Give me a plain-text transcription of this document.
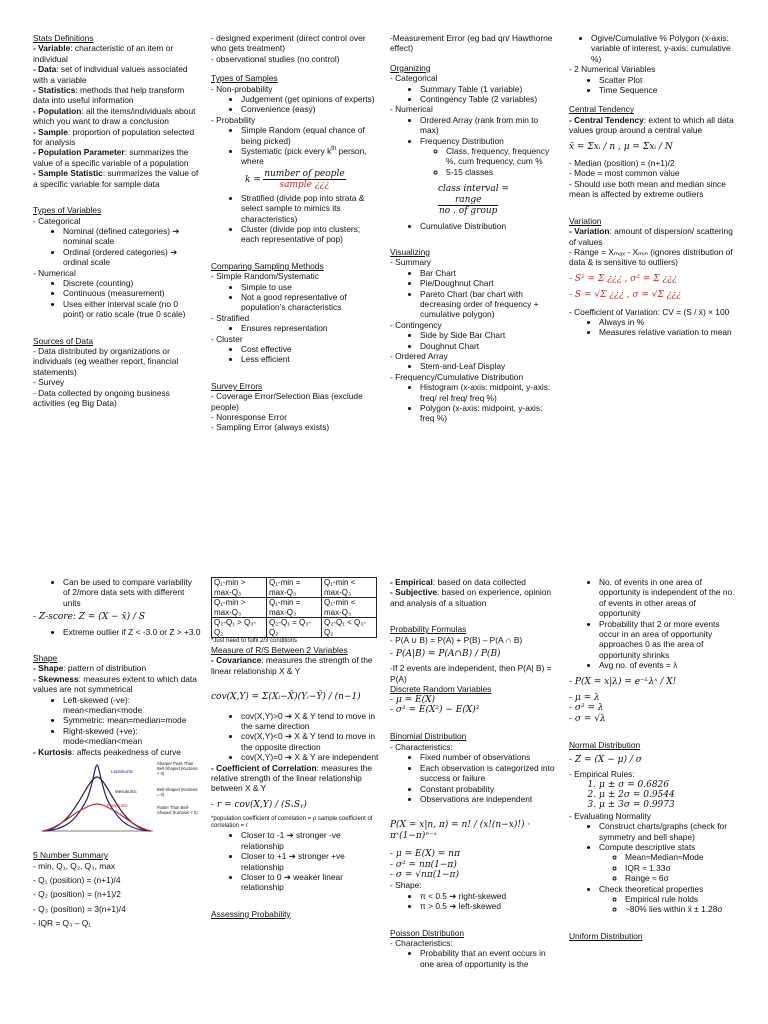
Stats Definitions

- Variable: characteristic of an item or individual

- Data: set of individual values associated with a variable

- Statistics: methods that help transform data into useful information

- Population: all the items/individuals about which you want to draw a conclusion

- Sample: proportion of population selected for analysis

- Population Parameter: summarizes the value of a specific variable of a population

- Sample Statistic: summarizes the value of a specific variable for sample data

Types of Variables

- Categorical

• Nominal (defined categories) ➔ nominal scale
• Ordinal (ordered categories) ➔ ordinal scale

- Numerical

• Discrete (counting)
• Continuous (measurement)
• Uses either interval scale (no 0 point) or ratio scale (true 0 scale)

Sources of Data

- Data distributed by organizations or individuals (eg weather report, financial statements)

- Survey

- Data collected by ongoing business activities (eg Big Data)

- designed experiment (direct control over who gets treatment)

- observational studies (no control)

Types of Samples

- Non-probability

• Judgement (get opinions of experts)
• Convenience (easy)

- Probability

• Simple Random (equal chance of being picked)
• Systematic (pick every $k^{th}$ person, where
$k = \frac{\text{number of people}}{\text{sample ¿¿¿}}$
• Stratified (divide pop into strata & select sample to mimics its characteristics)
• Cluster (divide pop into clusters; each representative of pop)

Comparing Sampling Methods

- Simple Random/Systematic

• Simple to use
• Not a good representative of population’s characteristics

- Stratified

• Ensures representation

- Cluster

• Cost effective
• Less efficient

Survey Errors

- Coverage Error/Selection Bias (exclude people)

- Nonresponse Error

- Sampling Error (always exists)

-Measurement Error (eg bad qn/ Hawthorne effect)

Organizing

- Categorical

• Summary Table (1 variable)
• Contingency Table (2 variables)

- Numerical

• Ordered Array (rank from min to max)
• Frequency Distribution
◦ Class, frequency, frequency %, cum frequency, cum %
◦ 5-15 classes
class interval =
$\frac{\text{range}}{\text{no . of group}}$
• Cumulative Distribution

Visualizing

- Summary

• Bar Chart
• Pie/Doughnut Chart
• Pareto Chart (bar chart with decreasing order of frequency + cumulative polygon)

- Contingency

• Side by Side Bar Chart
• Doughnut Chart

- Ordered Array

• Stem-and-Leaf Display

- Frequency/Cumulative Distribution

• Histogram (x-axis: midpoint, y-axis: freq/ rel freq/ freq %)
• Polygon (x-axis: midpoint, y-axis: freq %)
• Ogive/Cumulative % Polygon (x-axis: variable of interest, y-axis: cumulative %)

- 2 Numerical Variables

• Scatter Plot
• Time Sequence

Central Tendency

- Central Tendency: extent to which all data values group around a central value

x̄ = Σxᵢ / n , μ = Σxᵢ / N

- Median (position) = (n+1)/2

- Mode = most common value

- Should use both mean and median since mean is affected by extreme outliers

Variation

- Variation: amount of dispersion/ scattering of values

- Range = Xₘₐₓ - Xₘᵢₙ (ignores distribution of data & is sensitive to outliers)

- S² = Σ ¿¿¿ , σ² = Σ ¿¿¿

- S = √Σ ¿¿¿ , σ = √Σ ¿¿¿

- Coefficient of Variation: CV = (S / x̄) × 100

• Always in %
• Measures relative variation to mean
• Can be used to compare variability of 2/more data sets with different units

- Z-score: Z = (X − x̄) / S

• Extreme outlier if Z < -3.0 or Z > +3.0

Shape

- Shape: pattern of distribution

- Skewness: measures extent to which data values are not symmetrical

• Left-skewed (-ve): mean<median<mode
• Symmetric: mean=median=mode
• Right-skewed (+ve): mode<median<mean

- Kurtosis: affects peakedness of curve

Leptokurtic
Mesokurtic
Platykurtic
Sharper Peak Than Bell-Shaped (Kurtosis > 0)
Bell-Shaped (Kurtosis = 0)
Flatter Than Bell-Shaped (Kurtosis < 0)

5 Number Summary

- min, Q₁, Q₂, Q₃, max

- Q₁ (position) = (n+1)/4

- Q₂ (position) = (n+1)/2

- Q₃ (position) = 3(n+1)/4

- IQR = Q₃ – Q₁

Q₁-min > max-Q₃	Q₁-min = max-Q₃	Q₁-min < max-Q₃
Q₁-min > max-Q₃	Q₁-min = max-Q₃	Q₁-min < max-Q₃
Q₂-Q₁ > Q₃-Q₂	Q₂-Q₁ = Q₃-Q₂	Q₂-Q₁ < Q₃-Q₂

*Just need to fulfil 2/3 conditions

Measure of R/S Between 2 Variables

- Covariance: measures the strength of the linear relationship X & Y

cov(X,Y) = Σ(Xᵢ−X̄)(Yᵢ−Ȳ) / (n−1)

• cov(X,Y)>0 ➔ X & Y tend to move in the same direction
• cov(X,Y)<0 ➔ X & Y tend to move in the opposite direction
• cov(X,Y)=0 ➔ X & Y are independent

- Coefficient of Correlation: measures the relative strength of the linear relationship between X & Y

- r = cov(X,Y) / (SₓSᵧ)

*population coefficient of correlation = ρ sample coefficient of correlation = r

• Closer to -1 ➔ stronger -ve relationship
• Closer to +1 ➔ stronger +ve relationship
• Closer to 0 ➔ weaker linear relationship

Assessing Probability

- Empirical: based on data collected

- Subjective: based on experience, opinion and analysis of a situation

Probability Formulas

- P(A ∪ B) = P(A) + P(B) – P(A ∩ B)

- P(A|B) = P(A∩B) / P(B)

-If 2 events are independent, then P(A| B) = P(A)

Discrete Random Variables

- μ = E(X)

- σ² = E(X²) − E(X)²

Binomial Distribution

- Characteristics:

• Fixed number of observations
• Each observation is categorized into success or failure
• Constant probability
• Observations are independent

P(X = x|n, π) = n! / (x!(n−x)!) · πˣ(1−π)ⁿ⁻ˣ

- μ = E(X) = nπ

- σ² = nπ(1−π)

- σ = √nπ(1−π)

- Shape:

• π < 0.5 ➔ right-skewed
• π > 0.5 ➔ left-skewed

Poisson Distribution

- Characteristics:

• Probability that an event occurs in one area of opportunity is the
• No. of events in one area of opportunity is independent of the no. of events in other areas of opportunity
• Probability that 2 or more events occur in an area of opportunity approaches 0 as the area of opportunity shrinks
• Avg no. of events = λ

- P(X = x|λ) = e⁻ᴸλˣ / X!

- μ = λ

- σ² = λ

- σ = √λ

Normal Distribution

- Z = (X − μ) / σ

- Empirical Rules:

1. μ ± σ = 0.6826
2. μ ± 2σ = 0.9544
3. μ ± 3σ = 0.9973

- Evaluating Normality

• Construct charts/graphs (check for symmetry and bell shape)
• Compute descriptive stats
◦ Mean≈Median≈Mode
◦ IQR ≈ 1.33σ
◦ Range ≈ 6σ
• Check theoretical properties
◦ Empirical rule holds
◦ ~80% lies within x̄ ± 1.28σ

Uniform Distribution
